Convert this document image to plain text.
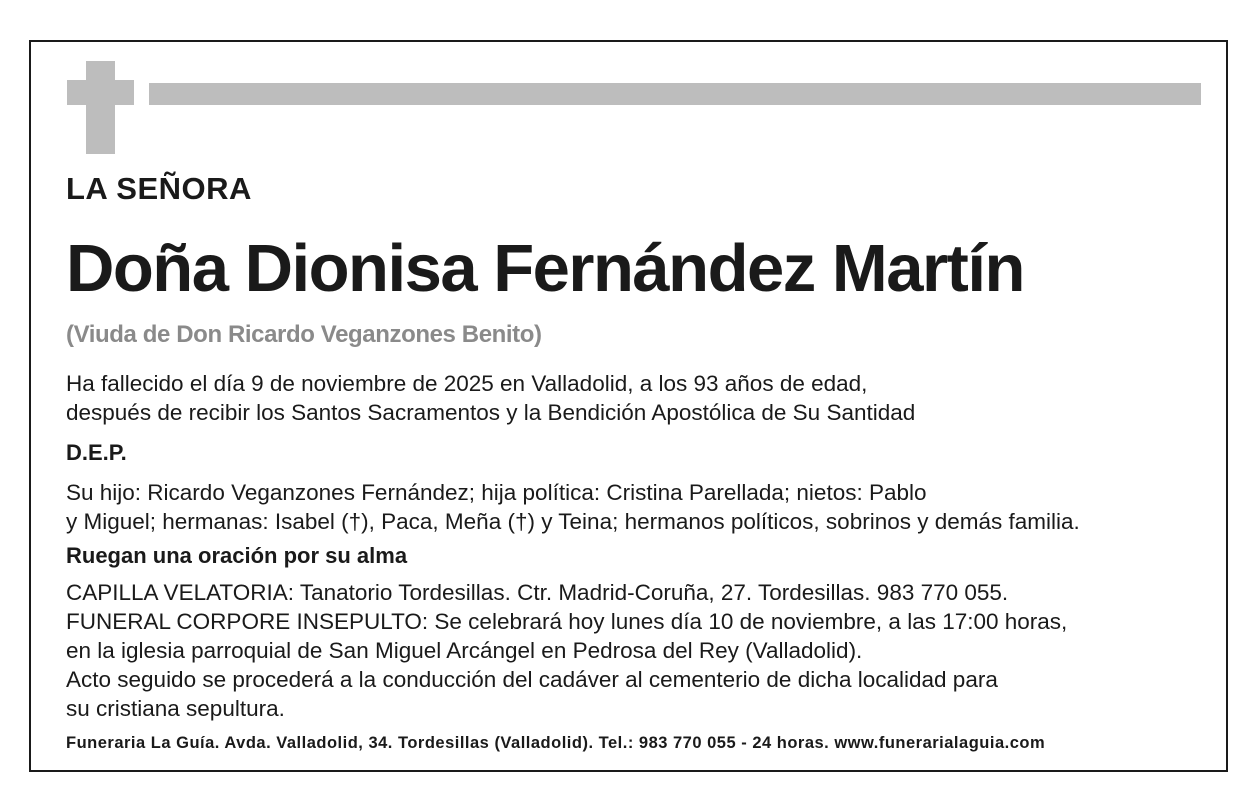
LA SEÑORA
Doña Dionisa Fernández Martín
(Viuda de Don Ricardo Veganzones Benito)
Ha fallecido el día 9 de noviembre de 2025 en Valladolid, a los 93 años de edad,
después de recibir los Santos Sacramentos y la Bendición Apostólica de Su Santidad
D.E.P.
Su hijo: Ricardo Veganzones Fernández; hija política: Cristina Parellada; nietos: Pablo
y Miguel; hermanas: Isabel (†), Paca, Meña (†) y Teina; hermanos políticos, sobrinos y demás familia.
Ruegan una oración por su alma
CAPILLA VELATORIA: Tanatorio Tordesillas. Ctr. Madrid-Coruña, 27. Tordesillas. 983 770 055.
FUNERAL CORPORE INSEPULTO: Se celebrará hoy lunes día 10 de noviembre, a las 17:00 horas,
en la iglesia parroquial de San Miguel Arcángel en Pedrosa del Rey (Valladolid).
Acto seguido se procederá a la conducción del cadáver al cementerio de dicha localidad para
su cristiana sepultura.
Funeraria La Guía. Avda. Valladolid, 34. Tordesillas (Valladolid). Tel.: 983 770 055 - 24 horas. www.funerarialaguia.com
